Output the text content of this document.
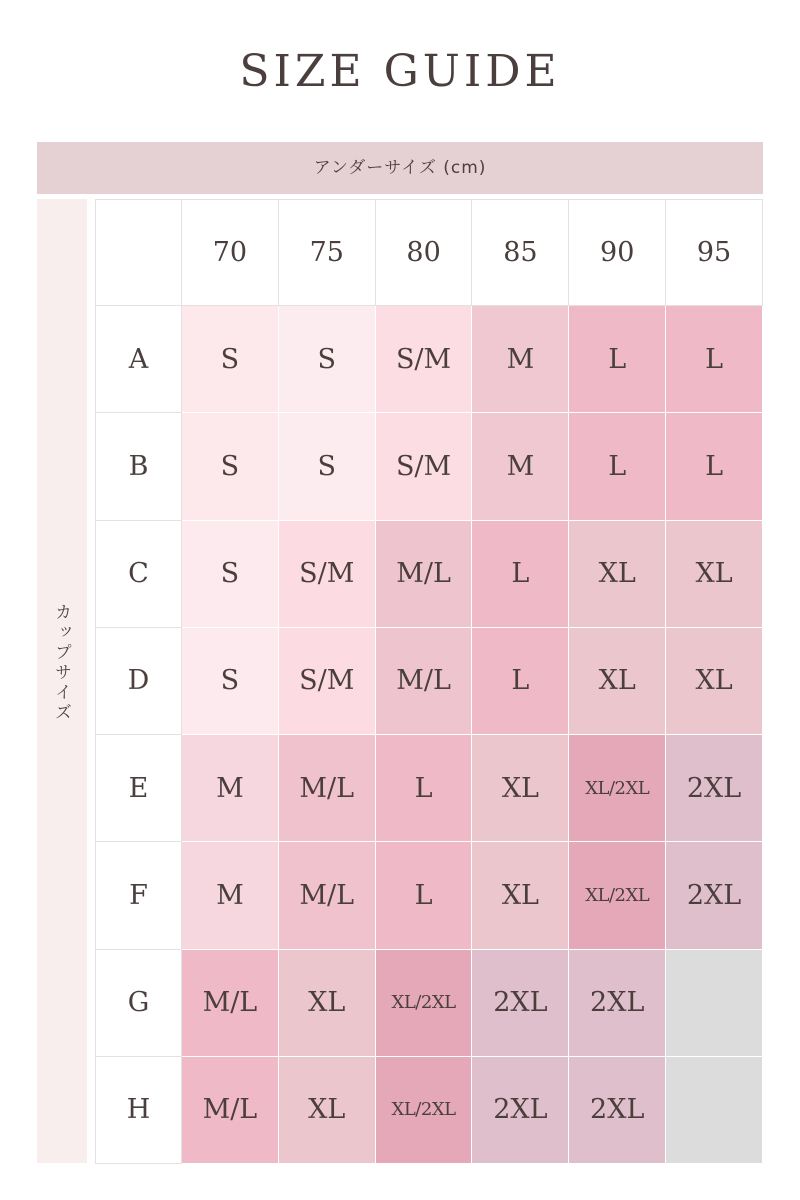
SIZE GUIDE
アンダーサイズ (cm)
カップサイズ
70	75	80	85	90	95
A	S	S	S/M	M	L	L
B	S	S	S/M	M	L	L
C	S	S/M	M/L	L	XL	XL
D	S	S/M	M/L	L	XL	XL
E	M	M/L	L	XL	XL/2XL	2XL
F	M	M/L	L	XL	XL/2XL	2XL
G	M/L	XL	XL/2XL	2XL	2XL
H	M/L	XL	XL/2XL	2XL	2XL
